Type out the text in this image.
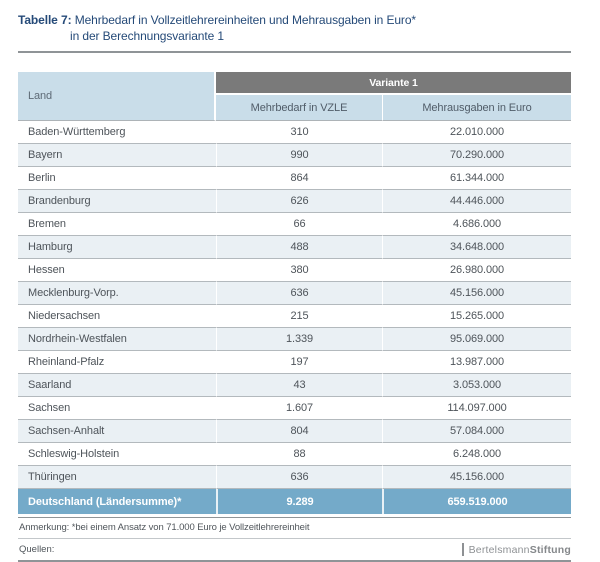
Tabelle 7: Mehrbedarf in Vollzeitlehrereinheiten und Mehrausgaben in Euro*
in der Berechnungsvariante 1
Land	Variante 1	
	Mehrbedarf in VZLE	Mehrausgaben in Euro
Baden-Württemberg	310	22.010.000
Bayern	990	70.290.000
Berlin	864	61.344.000
Brandenburg	626	44.446.000
Bremen	66	4.686.000
Hamburg	488	34.648.000
Hessen	380	26.980.000
Mecklenburg-Vorp.	636	45.156.000
Niedersachsen	215	15.265.000
Nordrhein-Westfalen	1.339	95.069.000
Rheinland-Pfalz	197	13.987.000
Saarland	43	3.053.000
Sachsen	1.607	114.097.000
Sachsen-Anhalt	804	57.084.000
Schleswig-Holstein	88	6.248.000
Thüringen	636	45.156.000
Deutschland (Ländersumme)*	9.289	659.519.000
Anmerkung: *bei einem Ansatz von 71.000 Euro je Vollzeitlehrereinheit
Quellen:	Bertelsmann Stiftung
